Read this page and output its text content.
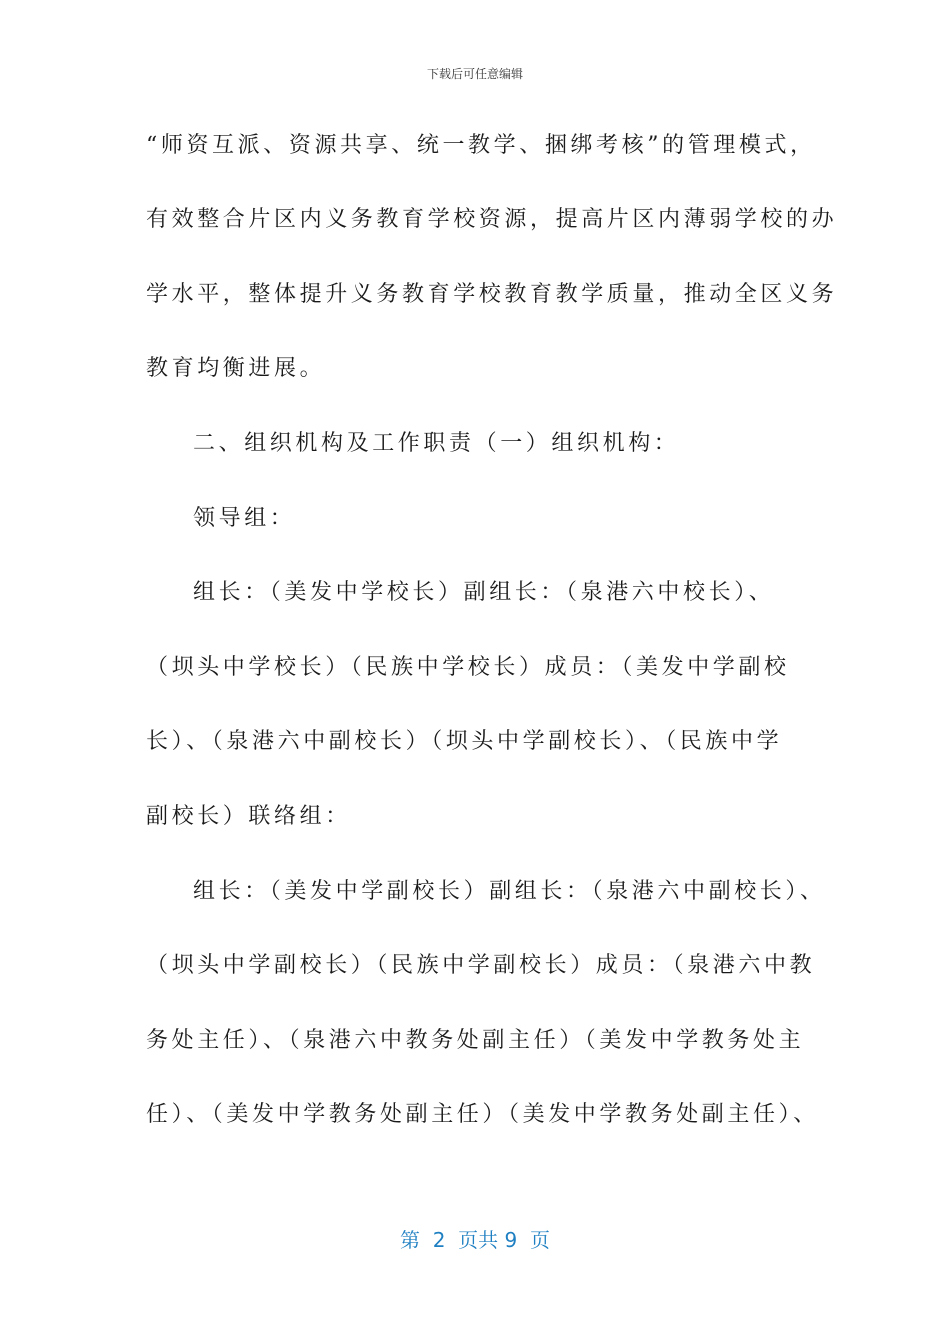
下载后可任意编辑
“师资互派、资源共享、统一教学、捆绑考核”的管理模式，
有效整合片区内义务教育学校资源，提高片区内薄弱学校的办
学水平，整体提升义务教育学校教育教学质量，推动全区义务
教育均衡进展。
二、组织机构及工作职责（一）组织机构：
领导组：
组长：（美发中学校长）副组长：（泉港六中校长）、
（坝头中学校长）（民族中学校长）成员：（美发中学副校
长）、（泉港六中副校长）（坝头中学副校长）、（民族中学
副校长）联络组：
组长：（美发中学副校长）副组长：（泉港六中副校长）、
（坝头中学副校长）（民族中学副校长）成员：（泉港六中教
务处主任）、（泉港六中教务处副主任）（美发中学教务处主
任）、（美发中学教务处副主任）（美发中学教务处副主任）、
第  2  页共 9  页
